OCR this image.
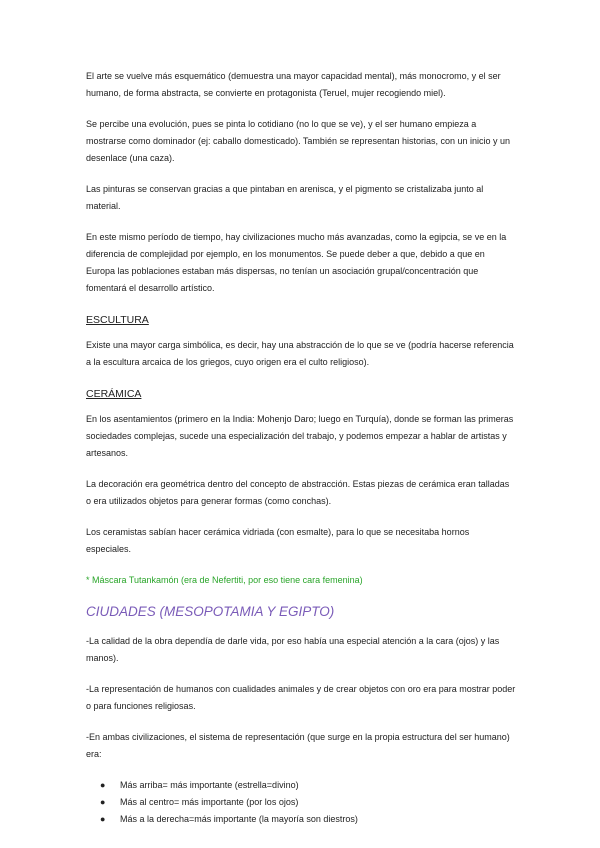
El arte se vuelve más esquemático (demuestra una mayor capacidad mental), más monocromo, y el ser humano, de forma abstracta, se convierte en protagonista (Teruel, mujer recogiendo miel).

Se percibe una evolución, pues se pinta lo cotidiano (no lo que se ve), y el ser humano empieza a mostrarse como dominador (ej: caballo domesticado). También se representan historias, con un inicio y un desenlace (una caza).

Las pinturas se conservan gracias a que pintaban en arenisca, y el pigmento se cristalizaba junto al material.

En este mismo período de tiempo, hay civilizaciones mucho más avanzadas, como la egipcia, se ve en la diferencia de complejidad por ejemplo, en los monumentos. Se puede deber a que, debido a que en Europa las poblaciones estaban más dispersas, no tenían un asociación grupal/concentración que fomentará el desarrollo artístico.

ESCULTURA

Existe una mayor carga simbólica, es decir, hay una abstracción de lo que se ve (podría hacerse referencia a la escultura arcaica de los griegos, cuyo origen era el culto religioso).

CERÁMICA

En los asentamientos (primero en la India: Mohenjo Daro; luego en Turquía), donde se forman las primeras sociedades complejas, sucede una especialización del trabajo, y podemos empezar a hablar de artistas y artesanos.

La decoración era geométrica dentro del concepto de abstracción. Estas piezas de cerámica eran talladas o era utilizados objetos para generar formas (como conchas).

Los ceramistas sabían hacer cerámica vidriada (con esmalte), para lo que se necesitaba hornos especiales.

* Máscara Tutankamón (era de Nefertiti, por eso tiene cara femenina)
CIUDADES (MESOPOTAMIA Y EGIPTO)

-La calidad de la obra dependía de darle vida, por eso había una especial atención a la cara (ojos) y las manos).

-La representación de humanos con cualidades animales y de crear objetos con oro era para mostrar poder o para funciones religiosas.

-En ambas civilizaciones, el sistema de representación (que surge en la propia estructura del ser humano) era:

● Más arriba= más importante (estrella=divino)
● Más al centro= más importante (por los ojos)
● Más a la derecha=más importante (la mayoría son diestros)
